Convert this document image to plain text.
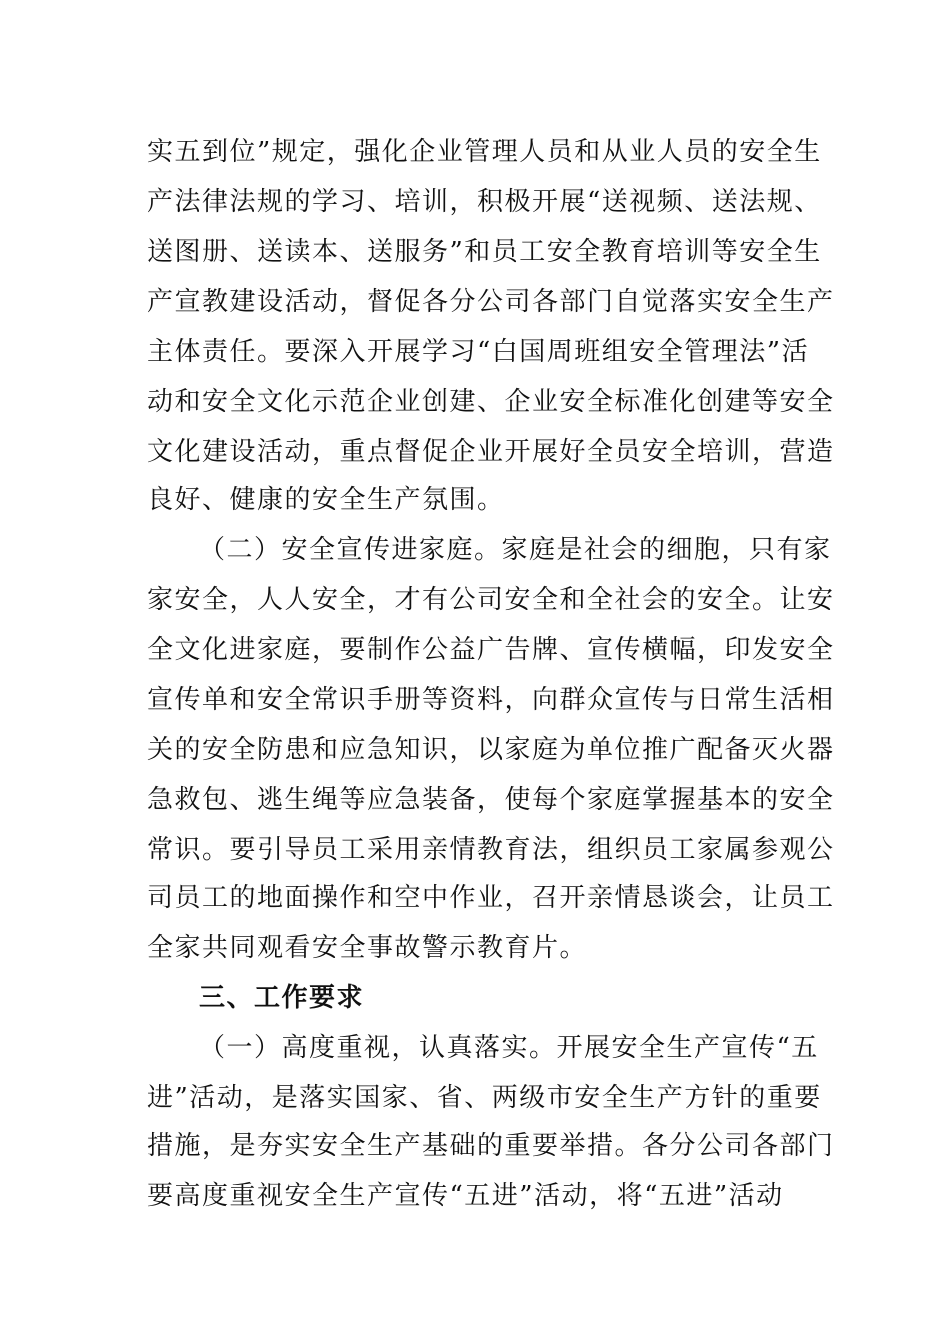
实五到位”规定，强化企业管理人员和从业人员的安全生
产法律法规的学习、培训，积极开展“送视频、送法规、
送图册、送读本、送服务”和员工安全教育培训等安全生
产宣教建设活动，督促各分公司各部门自觉落实安全生产
主体责任。要深入开展学习“白国周班组安全管理法”活
动和安全文化示范企业创建、企业安全标准化创建等安全
文化建设活动，重点督促企业开展好全员安全培训，营造
良好、健康的安全生产氛围。
（二）安全宣传进家庭。家庭是社会的细胞，只有家
家安全，人人安全，才有公司安全和全社会的安全。让安
全文化进家庭，要制作公益广告牌、宣传横幅，印发安全
宣传单和安全常识手册等资料，向群众宣传与日常生活相
关的安全防患和应急知识，以家庭为单位推广配备灭火器
急救包、逃生绳等应急装备，使每个家庭掌握基本的安全
常识。要引导员工采用亲情教育法，组织员工家属参观公
司员工的地面操作和空中作业，召开亲情恳谈会，让员工
全家共同观看安全事故警示教育片。
三、工作要求
（一）高度重视，认真落实。开展安全生产宣传“五
进”活动，是落实国家、省、两级市安全生产方针的重要
措施，是夯实安全生产基础的重要举措。各分公司各部门
要高度重视安全生产宣传“五进”活动，将“五进”活动
